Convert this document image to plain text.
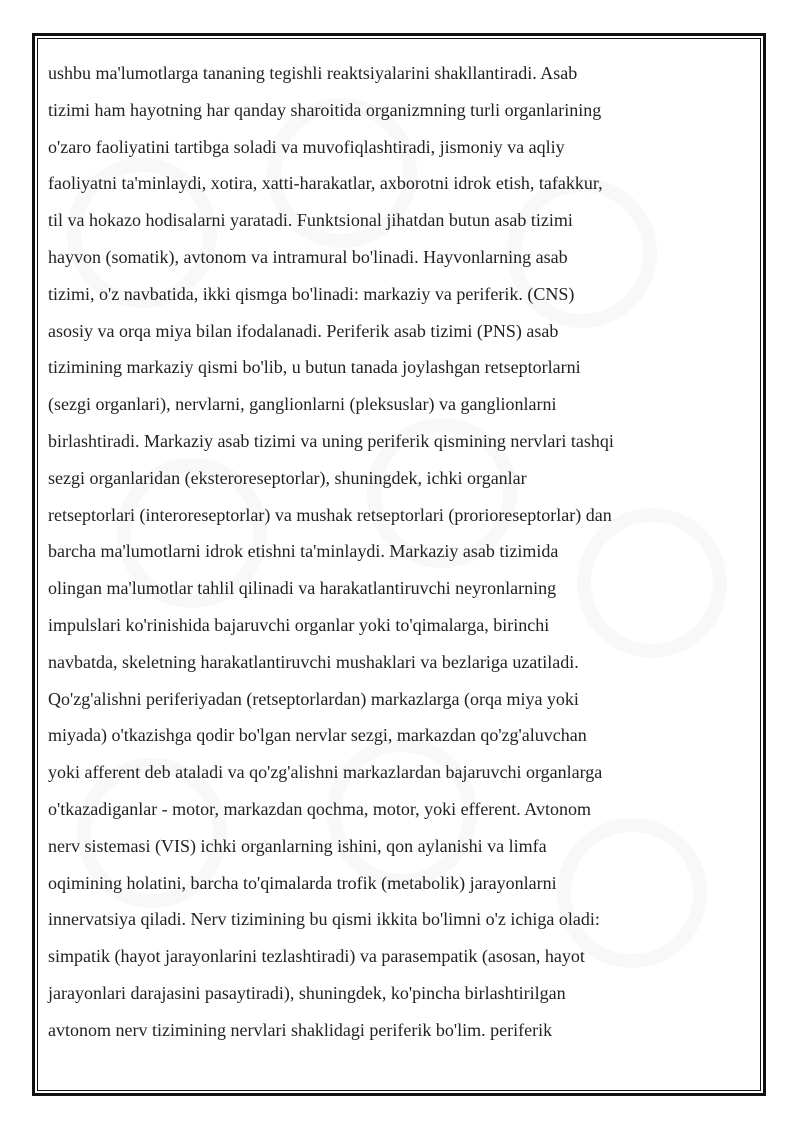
ushbu ma'lumotlarga tananing tegishli reaktsiyalarini shakllantiradi. Asab
tizimi ham hayotning har qanday sharoitida organizmning turli organlarining
o'zaro faoliyatini tartibga soladi va muvofiqlashtiradi, jismoniy va aqliy
faoliyatni ta'minlaydi, xotira, xatti-harakatlar, axborotni idrok etish, tafakkur,
til va hokazo hodisalarni yaratadi. Funktsional jihatdan butun asab tizimi
hayvon (somatik), avtonom va intramural bo'linadi. Hayvonlarning asab
tizimi, o'z navbatida, ikki qismga bo'linadi: markaziy va periferik. (CNS)
asosiy va orqa miya bilan ifodalanadi. Periferik asab tizimi (PNS) asab
tizimining markaziy qismi bo'lib, u butun tanada joylashgan retseptorlarni
(sezgi organlari), nervlarni, ganglionlarni (pleksuslar) va ganglionlarni
birlashtiradi. Markaziy asab tizimi va uning periferik qismining nervlari tashqi
sezgi organlaridan (eksteroreseptorlar), shuningdek, ichki organlar
retseptorlari (interoreseptorlar) va mushak retseptorlari (prorioreseptorlar) dan
barcha ma'lumotlarni idrok etishni ta'minlaydi. Markaziy asab tizimida
olingan ma'lumotlar tahlil qilinadi va harakatlantiruvchi neyronlarning
impulslari ko'rinishida bajaruvchi organlar yoki to'qimalarga, birinchi
navbatda, skeletning harakatlantiruvchi mushaklari va bezlariga uzatiladi.
Qo'zg'alishni periferiyadan (retseptorlardan) markazlarga (orqa miya yoki
miyada) o'tkazishga qodir bo'lgan nervlar sezgi, markazdan qo'zg'aluvchan
yoki afferent deb ataladi va qo'zg'alishni markazlardan bajaruvchi organlarga
o'tkazadiganlar - motor, markazdan qochma, motor, yoki efferent. Avtonom
nerv sistemasi (VIS) ichki organlarning ishini, qon aylanishi va limfa
oqimining holatini, barcha to'qimalarda trofik (metabolik) jarayonlarni
innervatsiya qiladi. Nerv tizimining bu qismi ikkita bo'limni o'z ichiga oladi:
simpatik (hayot jarayonlarini tezlashtiradi) va parasempatik (asosan, hayot
jarayonlari darajasini pasaytiradi), shuningdek, ko'pincha birlashtirilgan
avtonom nerv tizimining nervlari shaklidagi periferik bo'lim. periferik
